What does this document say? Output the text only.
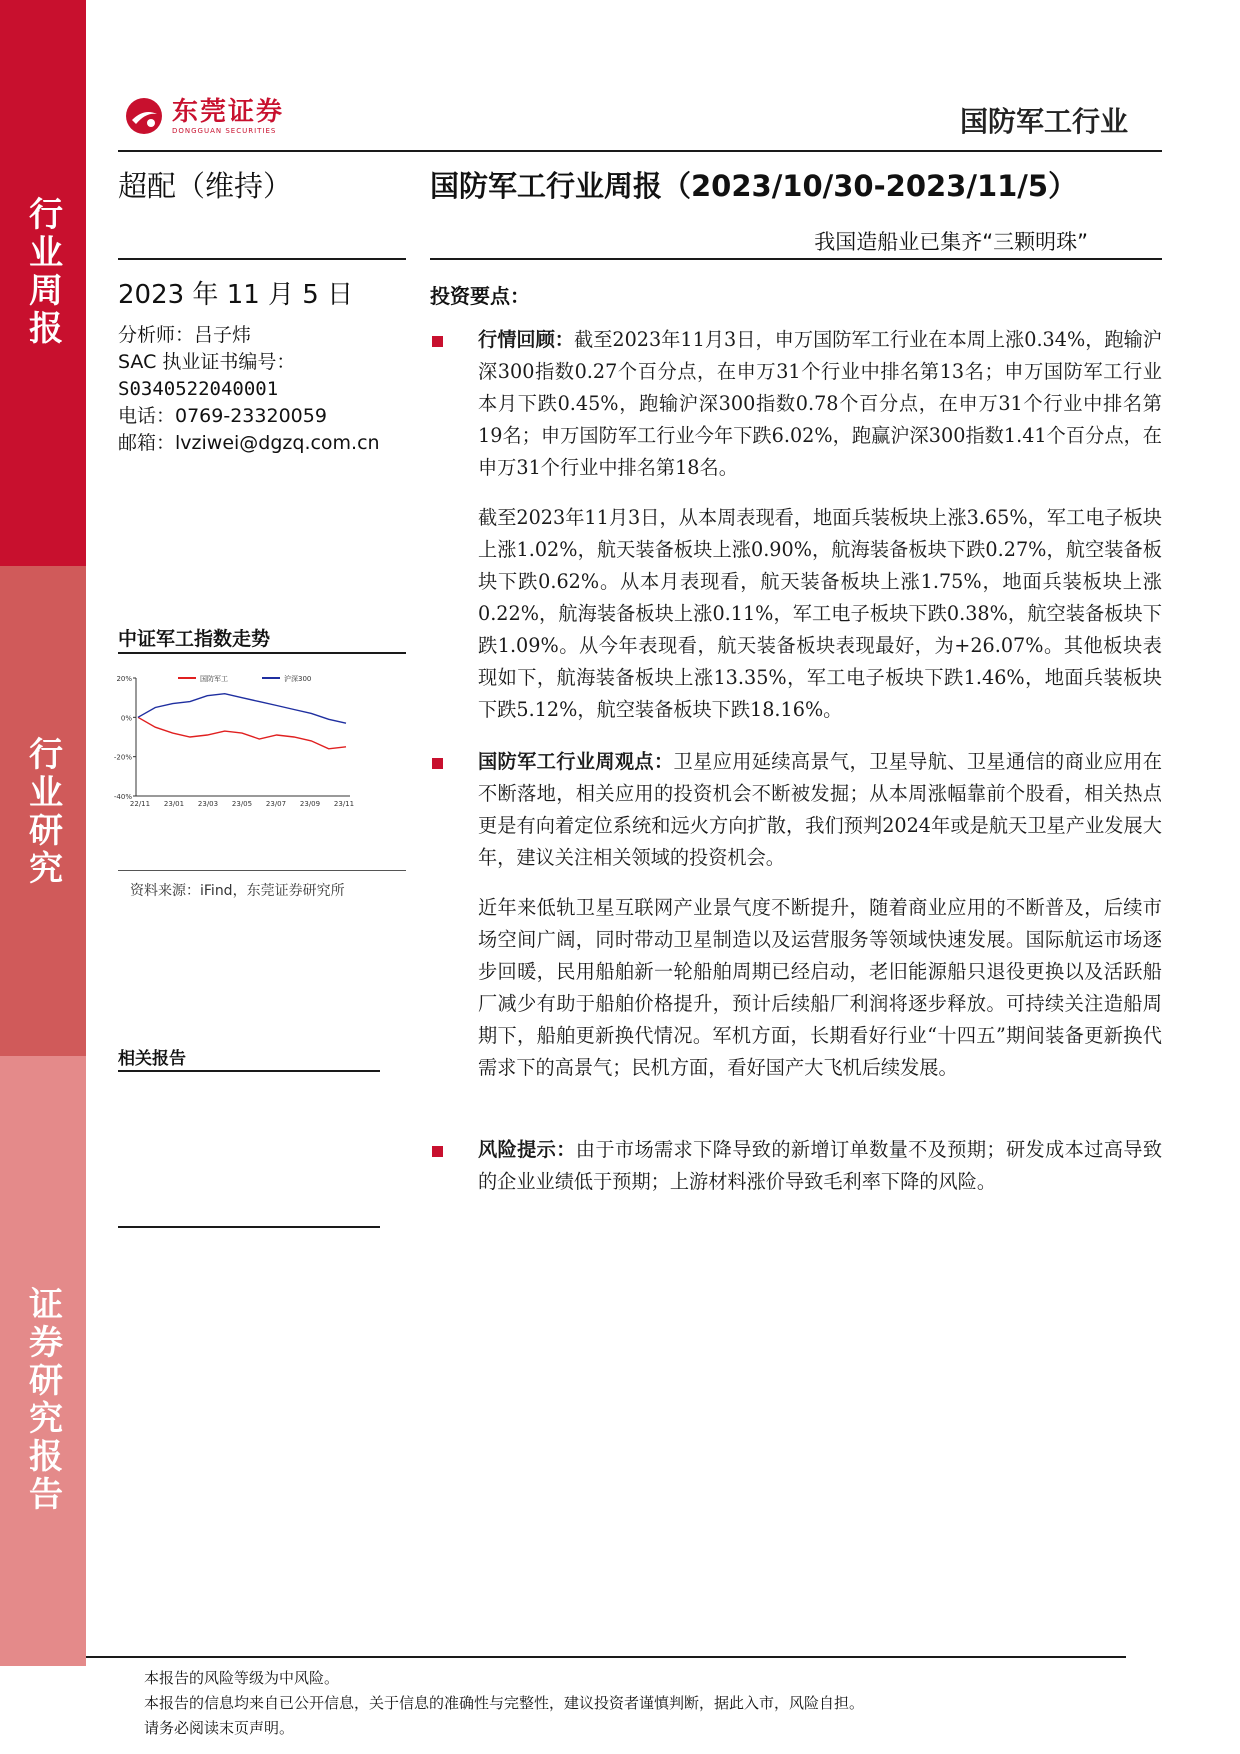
行业周报
行业研究
证券研究报告
东莞证券
DONGGUAN SECURITIES	国防军工行业
超配（维持）	国防军工行业周报（2023/10/30-2023/11/5）
我国造船业已集齐“三颗明珠”
2023 年 11 月 5 日
分析师：吕子炜
SAC 执业证书编号：
S0340522040001
电话：0769-23320059
邮箱：lvziwei@dgzq.com.cn
中证军工指数走势
20%
0%
-20%
-40%
22/11 23/01 23/03 23/05 23/07 23/09 23/11
国防军工	沪深300
资料来源：iFind，东莞证券研究所
相关报告
投资要点：
行情回顾：截至2023年11月3日，申万国防军工行业在本周上涨0.34%，跑输沪深300指数0.27个百分点，在申万31个行业中排名第13名；申万国防军工行业本月下跌0.45%，跑输沪深300指数0.78个百分点，在申万31个行业中排名第19名；申万国防军工行业今年下跌6.02%，跑赢沪深300指数1.41个百分点，在申万31个行业中排名第18名。
截至2023年11月3日，从本周表现看，地面兵装板块上涨3.65%，军工电子板块上涨1.02%，航天装备板块上涨0.90%，航海装备板块下跌0.27%，航空装备板块下跌0.62%。从本月表现看，航天装备板块上涨1.75%，地面兵装板块上涨0.22%，航海装备板块上涨0.11%，军工电子板块下跌0.38%，航空装备板块下跌1.09%。从今年表现看，航天装备板块表现最好，为+26.07%。其他板块表现如下，航海装备板块上涨13.35%，军工电子板块下跌1.46%，地面兵装板块下跌5.12%，航空装备板块下跌18.16%。
国防军工行业周观点：卫星应用延续高景气，卫星导航、卫星通信的商业应用在不断落地，相关应用的投资机会不断被发掘；从本周涨幅靠前个股看，相关热点更是有向着定位系统和远火方向扩散，我们预判2024年或是航天卫星产业发展大年，建议关注相关领域的投资机会。
近年来低轨卫星互联网产业景气度不断提升，随着商业应用的不断普及，后续市场空间广阔，同时带动卫星制造以及运营服务等领域快速发展。国际航运市场逐步回暖，民用船舶新一轮船舶周期已经启动，老旧能源船只退役更换以及活跃船厂减少有助于船舶价格提升，预计后续船厂利润将逐步释放。可持续关注造船周期下，船舶更新换代情况。军机方面，长期看好行业“十四五”期间装备更新换代需求下的高景气；民机方面，看好国产大飞机后续发展。
风险提示：由于市场需求下降导致的新增订单数量不及预期；研发成本过高导致的企业业绩低于预期；上游材料涨价导致毛利率下降的风险。
本报告的风险等级为中风险。
本报告的信息均来自已公开信息，关于信息的准确性与完整性，建议投资者谨慎判断，据此入市，风险自担。
请务必阅读末页声明。
